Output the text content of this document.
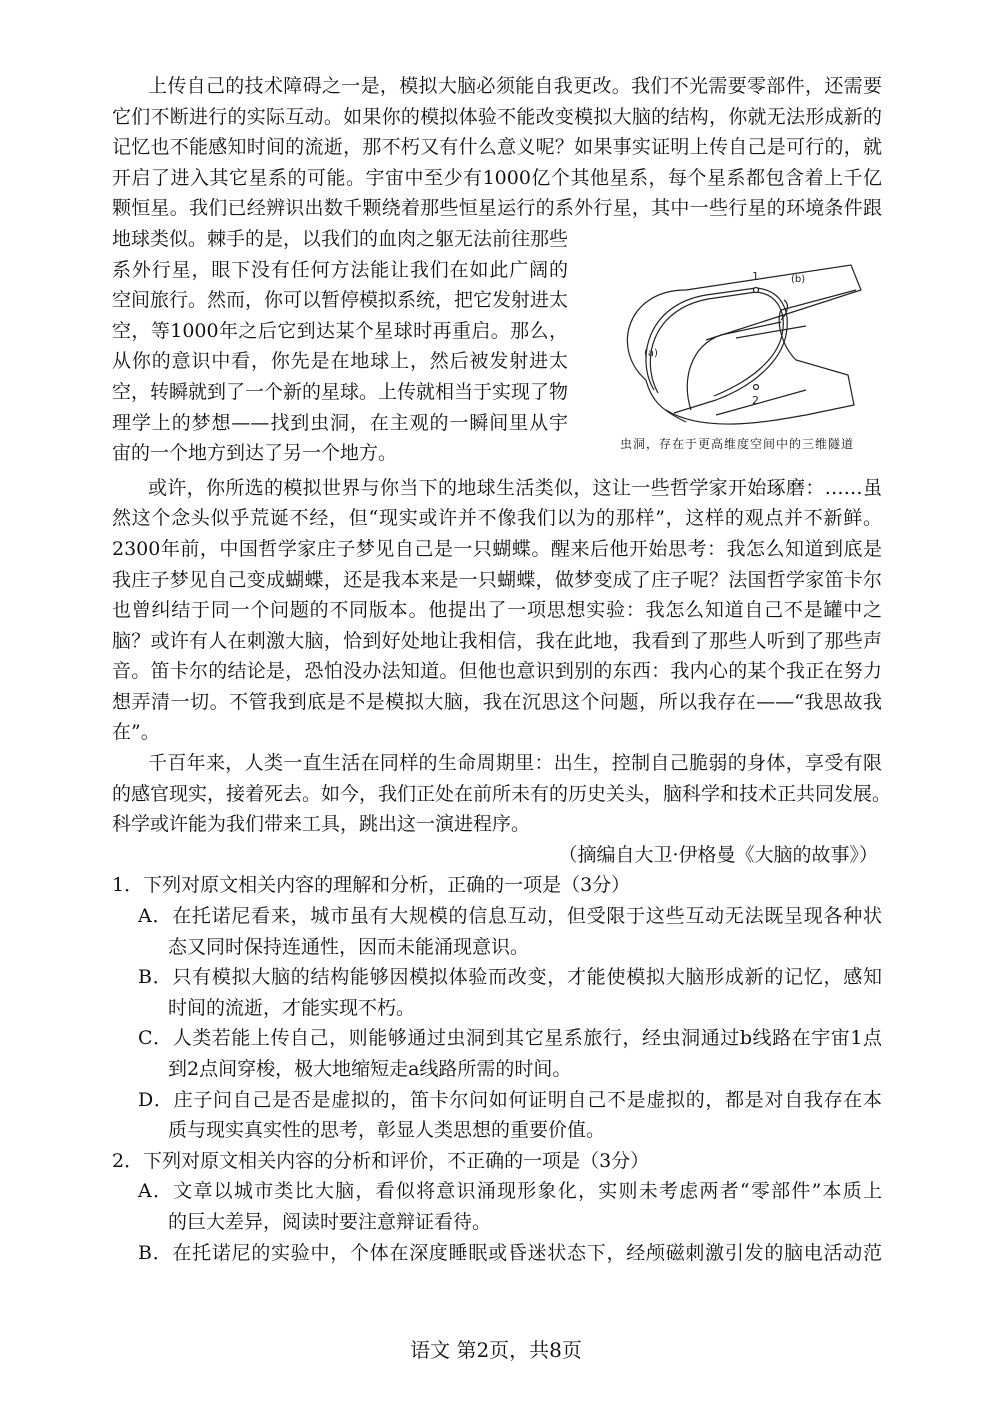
上传自己的技术障碍之一是，模拟大脑必须能自我更改。我们不光需要零部件，还需要
它们不断进行的实际互动。如果你的模拟体验不能改变模拟大脑的结构，你就无法形成新的
记忆也不能感知时间的流逝，那不朽又有什么意义呢？如果事实证明上传自己是可行的，就
开启了进入其它星系的可能。宇宙中至少有1000亿个其他星系，每个星系都包含着上千亿
颗恒星。我们已经辨识出数千颗绕着那些恒星运行的系外行星，其中一些行星的环境条件跟
地球类似。棘手的是，以我们的血肉之躯无法前往那些
系外行星，眼下没有任何方法能让我们在如此广阔的
空间旅行。然而，你可以暂停模拟系统，把它发射进太
空，等1000年之后它到达某个星球时再重启。那么，
从你的意识中看，你先是在地球上，然后被发射进太
空，转瞬就到了一个新的星球。上传就相当于实现了物
理学上的梦想——找到虫洞，在主观的一瞬间里从宇
宙的一个地方到达了另一个地方。
或许，你所选的模拟世界与你当下的地球生活类似，这让一些哲学家开始琢磨：……虽
然这个念头似乎荒诞不经，但“现实或许并不像我们以为的那样”，这样的观点并不新鲜。
2300年前，中国哲学家庄子梦见自己是一只蝴蝶。醒来后他开始思考：我怎么知道到底是
我庄子梦见自己变成蝴蝶，还是我本来是一只蝴蝶，做梦变成了庄子呢？法国哲学家笛卡尔
也曾纠结于同一个问题的不同版本。他提出了一项思想实验：我怎么知道自己不是罐中之
脑？或许有人在刺激大脑，恰到好处地让我相信，我在此地，我看到了那些人听到了那些声
音。笛卡尔的结论是，恐怕没办法知道。但他也意识到别的东西：我内心的某个我正在努力
想弄清一切。不管我到底是不是模拟大脑，我在沉思这个问题，所以我存在——“我思故我
在”。
千百年来，人类一直生活在同样的生命周期里：出生，控制自己脆弱的身体，享受有限
的感官现实，接着死去。如今，我们正处在前所未有的历史关头，脑科学和技术正共同发展。
科学或许能为我们带来工具，跳出这一演进程序。
（摘编自大卫·伊格曼《大脑的故事》）
1．下列对原文相关内容的理解和分析，正确的一项是（3分）
A．在托诺尼看来，城市虽有大规模的信息互动，但受限于这些互动无法既呈现各种状
态又同时保持连通性，因而未能涌现意识。
B．只有模拟大脑的结构能够因模拟体验而改变，才能使模拟大脑形成新的记忆，感知
时间的流逝，才能实现不朽。
C．人类若能上传自己，则能够通过虫洞到其它星系旅行，经虫洞通过b线路在宇宙1点
到2点间穿梭，极大地缩短走a线路所需的时间。
D．庄子问自己是否是虚拟的，笛卡尔问如何证明自己不是虚拟的，都是对自我存在本
质与现实真实性的思考，彰显人类思想的重要价值。
2．下列对原文相关内容的分析和评价，不正确的一项是（3分）
A．文章以城市类比大脑，看似将意识涌现形象化，实则未考虑两者“零部件”本质上
的巨大差异，阅读时要注意辩证看待。
B．在托诺尼的实验中，个体在深度睡眠或昏迷状态下，经颅磁刺激引发的脑电活动范
1
2
(b)
(a)
虫洞，存在于更高维度空间中的三维隧道
语文 第2页，共8页
